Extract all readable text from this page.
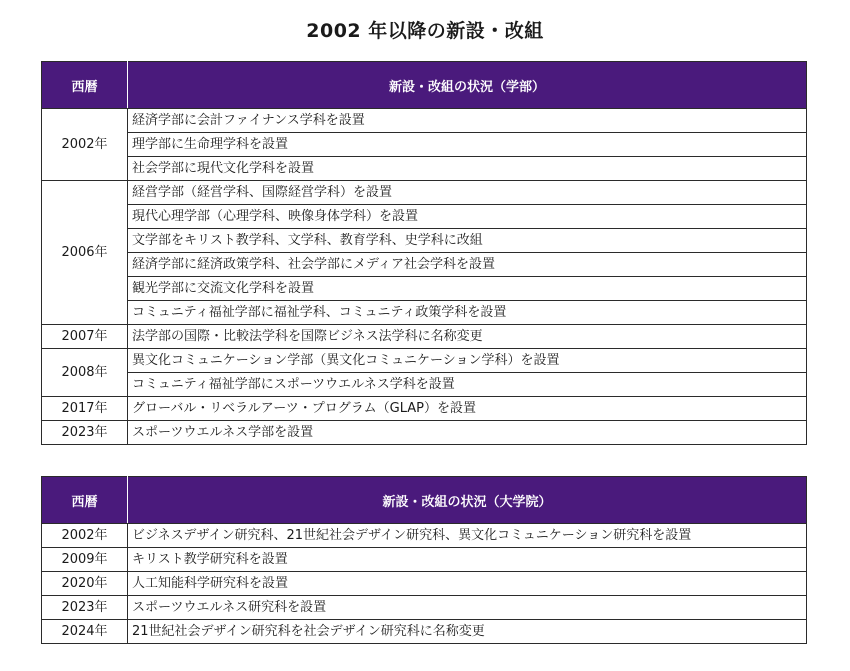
2002 年以降の新設・改組
西暦	新設・改組の状況（学部）
2002年	経済学部に会計ファイナンス学科を設置
	理学部に生命理学科を設置
	社会学部に現代文化学科を設置
2006年	経営学部（経営学科、国際経営学科）を設置
	現代心理学部（心理学科、映像身体学科）を設置
	文学部をキリスト教学科、文学科、教育学科、史学科に改組
	経済学部に経済政策学科、社会学部にメディア社会学科を設置
	観光学部に交流文化学科を設置
	コミュニティ福祉学部に福祉学科、コミュニティ政策学科を設置
2007年	法学部の国際・比較法学科を国際ビジネス法学科に名称変更
2008年	異文化コミュニケーション学部（異文化コミュニケーション学科）を設置
	コミュニティ福祉学部にスポーツウエルネス学科を設置
2017年	グローバル・リベラルアーツ・プログラム（GLAP）を設置
2023年	スポーツウエルネス学部を設置
西暦	新設・改組の状況（大学院）
2002年	ビジネスデザイン研究科、21世紀社会デザイン研究科、異文化コミュニケーション研究科を設置
2009年	キリスト教学研究科を設置
2020年	人工知能科学研究科を設置
2023年	スポーツウエルネス研究科を設置
2024年	21世紀社会デザイン研究科を社会デザイン研究科に名称変更
